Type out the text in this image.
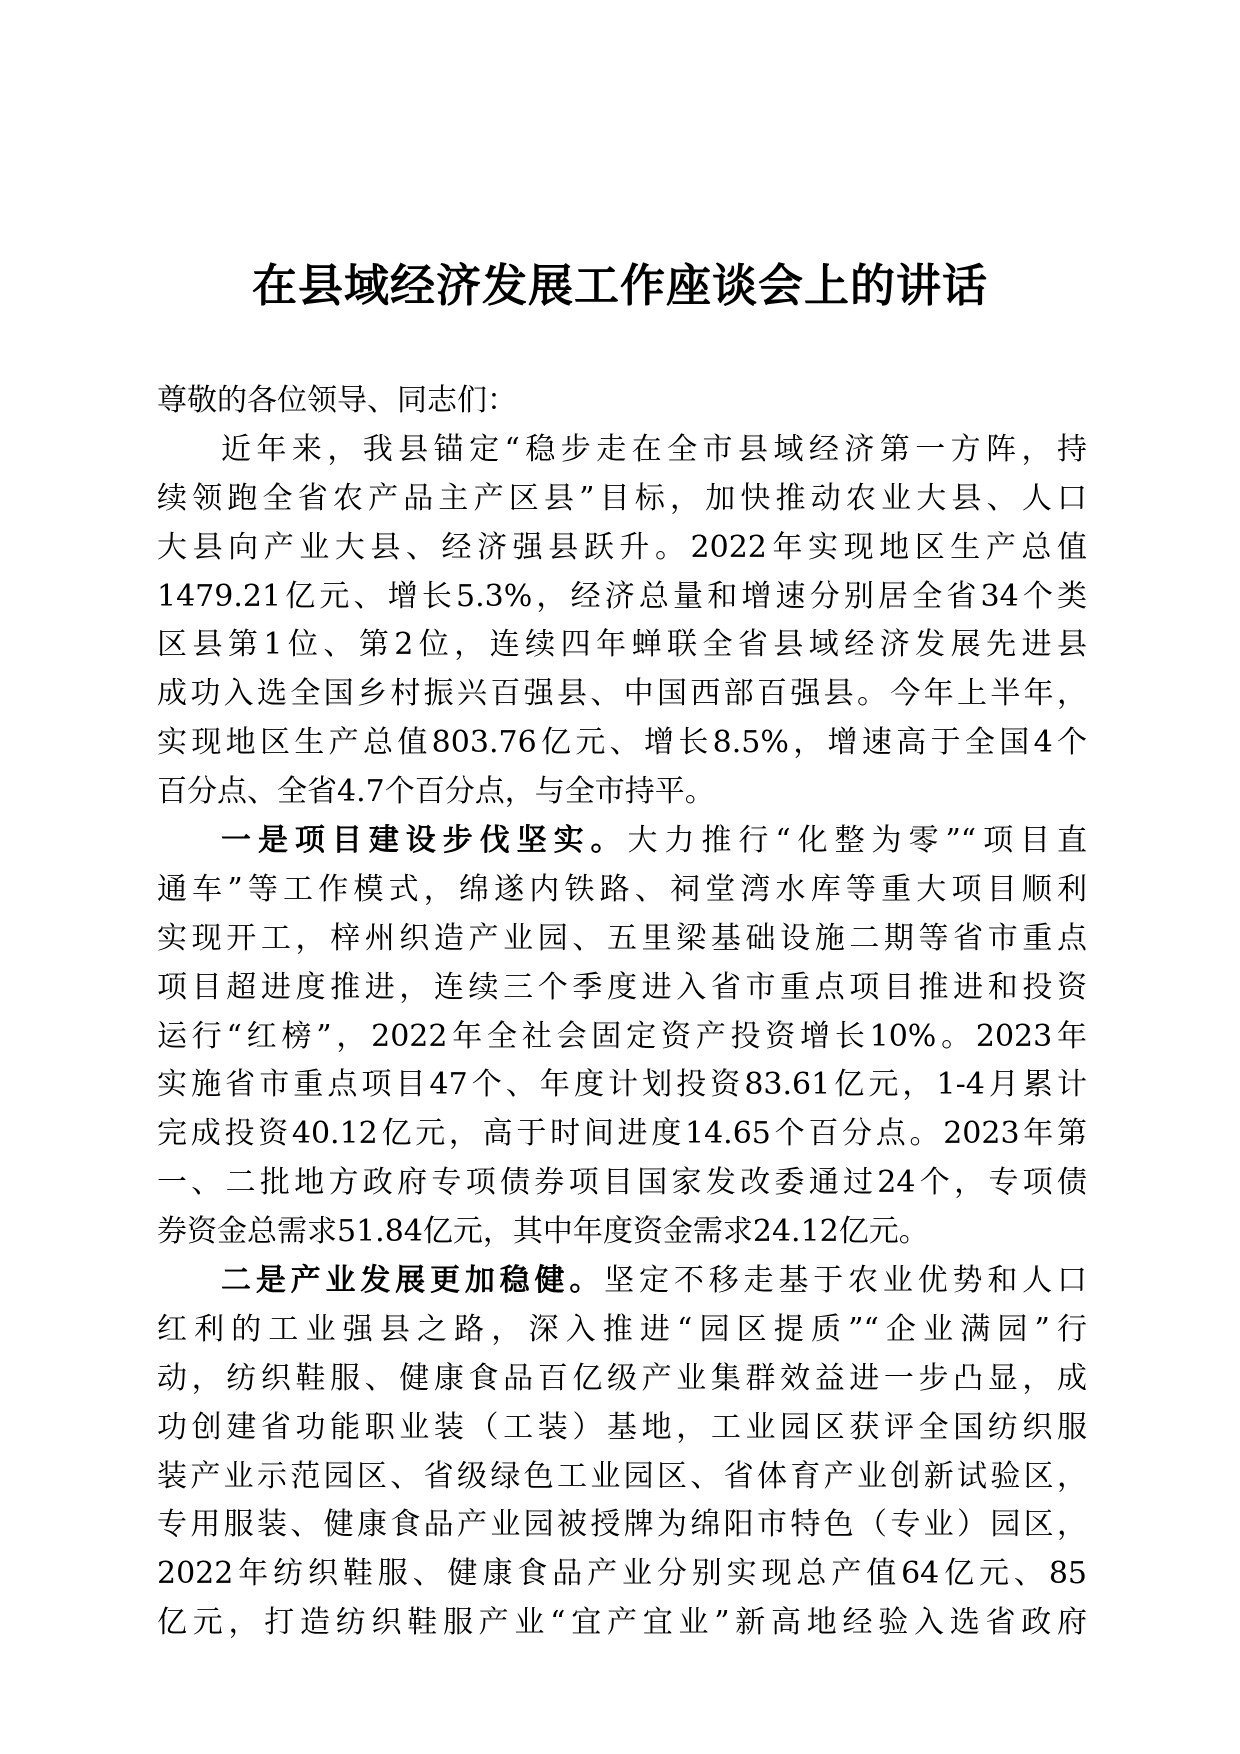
在县域经济发展工作座谈会上的讲话
尊敬的各位领导、同志们：
近年来，我县锚定“稳步走在全市县域经济第一方阵，持
续领跑全省农产品主产区县”目标，加快推动农业大县、人口
大县向产业大县、经济强县跃升。2022年实现地区生产总值
1479.21亿元、增长5.3%，经济总量和增速分别居全省34个类
区县第1位、第2位，连续四年蝉联全省县域经济发展先进县
成功入选全国乡村振兴百强县、中国西部百强县。今年上半年，
实现地区生产总值803.76亿元、增长8.5%，增速高于全国4个
百分点、全省4.7个百分点，与全市持平。
一是项目建设步伐坚实。大力推行“化整为零”“项目直
通车”等工作模式，绵遂内铁路、祠堂湾水库等重大项目顺利
实现开工，梓州织造产业园、五里梁基础设施二期等省市重点
项目超进度推进，连续三个季度进入省市重点项目推进和投资
运行“红榜”，2022年全社会固定资产投资增长10%。2023年
实施省市重点项目47个、年度计划投资83.61亿元，1-4月累计
完成投资40.12亿元，高于时间进度14.65个百分点。2023年第
一、二批地方政府专项债券项目国家发改委通过24个，专项债
券资金总需求51.84亿元，其中年度资金需求24.12亿元。
二是产业发展更加稳健。坚定不移走基于农业优势和人口
红利的工业强县之路，深入推进“园区提质”“企业满园”行
动，纺织鞋服、健康食品百亿级产业集群效益进一步凸显，成
功创建省功能职业装（工装）基地，工业园区获评全国纺织服
装产业示范园区、省级绿色工业园区、省体育产业创新试验区，
专用服装、健康食品产业园被授牌为绵阳市特色（专业）园区，
2022年纺织鞋服、健康食品产业分别实现总产值64亿元、85
亿元，打造纺织鞋服产业“宜产宜业”新高地经验入选省政府
